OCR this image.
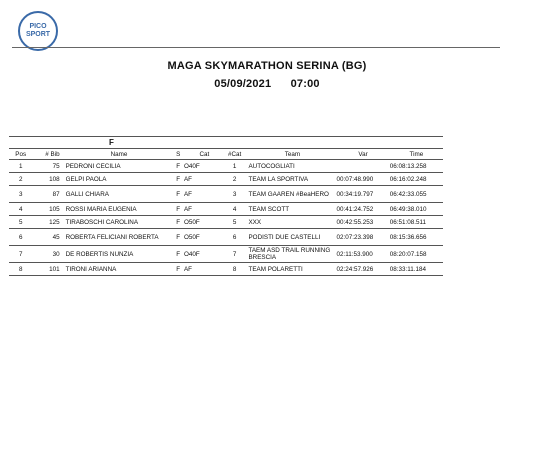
PICO
SPORT
MAGA SKYMARATHON SERINA (BG)
05/09/2021 07:00
F								
Pos	# Bib	Name	S	Cat	#Cat	Team	Var	Time
1	75	PEDRONI CECILIA	F	O40F	1	AUTOCOGLIATI		06:08:13.258
2	108	GELPI PAOLA	F	AF	2	TEAM LA SPORTIVA	00:07:48.990	06:16:02.248
3	87	GALLI CHIARA	F	AF	3	TEAM GAAREN #BeaHERO	00:34:19.797	06:42:33.055
4	105	ROSSI MARIA EUGENIA	F	AF	4	TEAM SCOTT	00:41:24.752	06:49:38.010
5	125	TIRABOSCHI CAROLINA	F	O50F	5	XXX	00:42:55.253	06:51:08.511
6	45	ROBERTA FELICIANI ROBERTA	F	O50F	6	PODISTI DUE CASTELLI	02:07:23.398	08:15:36.656
7	30	DE ROBERTIS NUNZIA	F	O40F	7	TAEM ASD TRAIL RUNNING BRESCIA	02:11:53.900	08:20:07.158
8	101	TIRONI ARIANNA	F	AF	8	TEAM POLARETTI	02:24:57.926	08:33:11.184
